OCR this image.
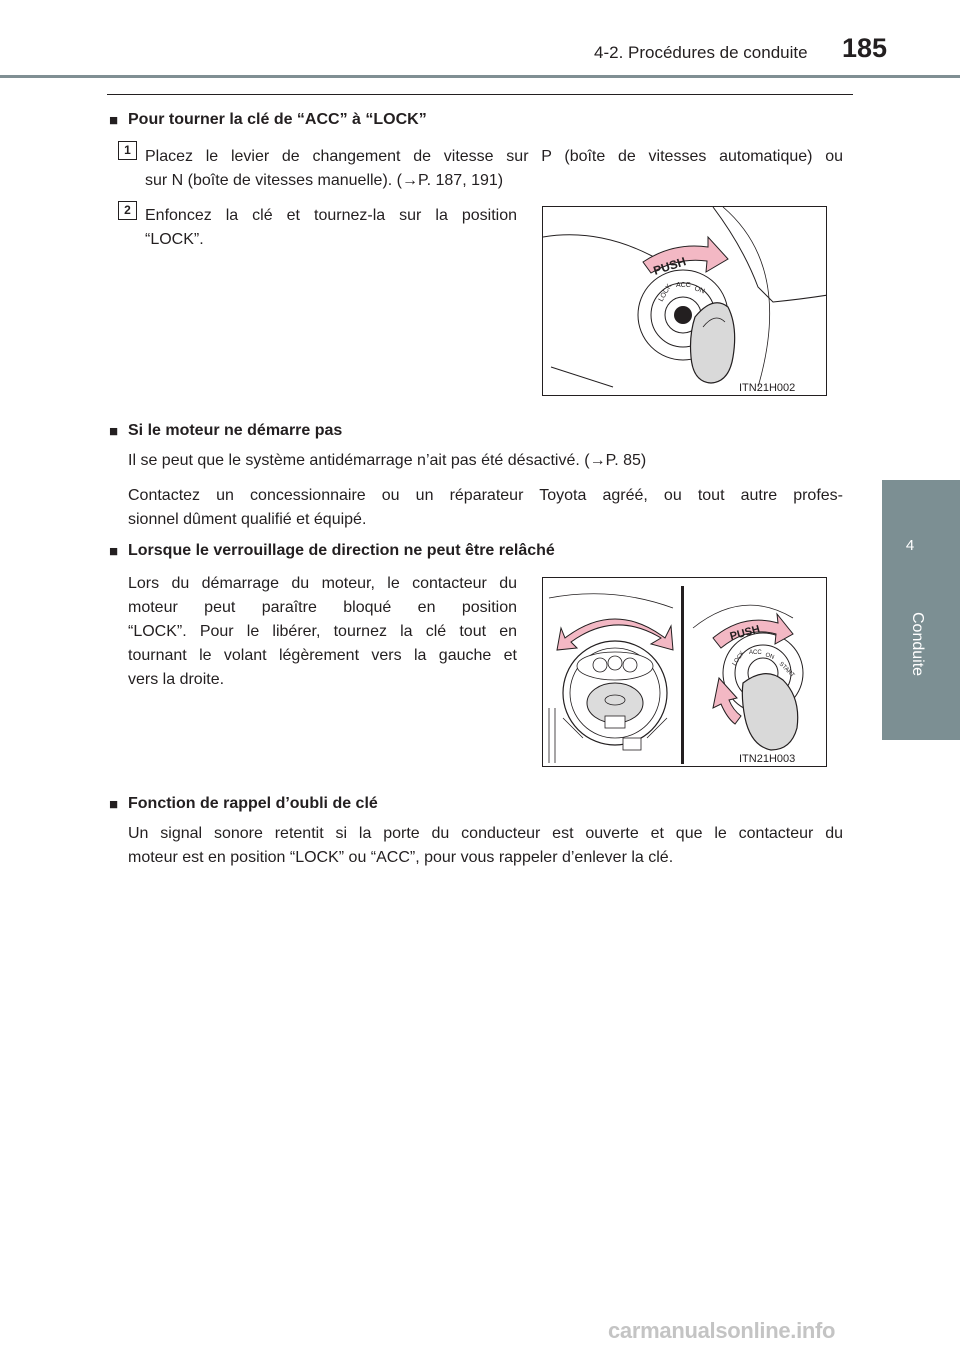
4-2. Procédures de conduite 185
4
Conduite
■ Pour tourner la clé de “ACC” à “LOCK”
1 Placez le levier de changement de vitesse sur P (boîte de vitesses automatique) ou
sur N (boîte de vitesses manuelle). (→P. 187, 191)
2 Enfoncez la clé et tournez-la sur la position
“LOCK”.
PUSH
LOCK ACC ON
ITN21H002
■ Si le moteur ne démarre pas
Il se peut que le système antidémarrage n’ait pas été désactivé. (→P. 85)
Contactez un concessionnaire ou un réparateur Toyota agréé, ou tout autre profes-
sionnel dûment qualifié et équipé.
■ Lorsque le verrouillage de direction ne peut être relâché
Lors du démarrage du moteur, le contacteur du
moteur peut paraître bloqué en position
“LOCK”. Pour le libérer, tournez la clé tout en
tournant le volant légèrement vers la gauche et
vers la droite.
PUSH
LOCK ACC ON
START
ITN21H003
■ Fonction de rappel d’oubli de clé
Un signal sonore retentit si la porte du conducteur est ouverte et que le contacteur du
moteur est en position “LOCK” ou “ACC”, pour vous rappeler d’enlever la clé.
carmanualsonline.info
